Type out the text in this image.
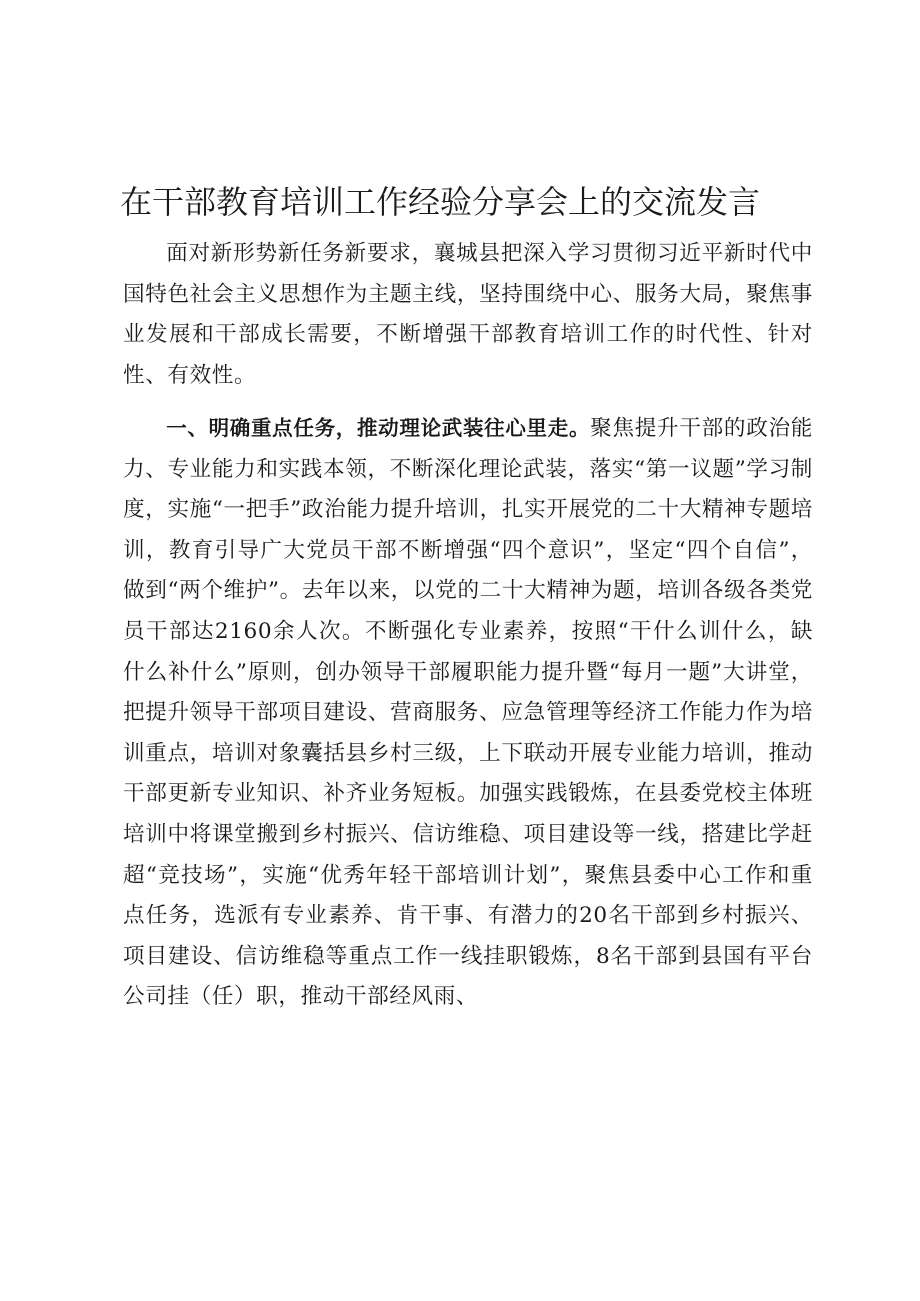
在干部教育培训工作经验分享会上的交流发言

面对新形势新任务新要求，襄城县把深入学习贯彻习近平新时代中国特色社会主义思想作为主题主线，坚持围绕中心、服务大局，聚焦事业发展和干部成长需要，不断增强干部教育培训工作的时代性、针对性、有效性。

一、明确重点任务，推动理论武装往心里走。聚焦提升干部的政治能力、专业能力和实践本领，不断深化理论武装，落实“第一议题”学习制度，实施“一把手”政治能力提升培训，扎实开展党的二十大精神专题培训，教育引导广大党员干部不断增强“四个意识”，坚定“四个自信”，做到“两个维护”。去年以来，以党的二十大精神为题，培训各级各类党员干部达2160余人次。不断强化专业素养，按照“干什么训什么，缺什么补什么”原则，创办领导干部履职能力提升暨“每月一题”大讲堂，把提升领导干部项目建设、营商服务、应急管理等经济工作能力作为培训重点，培训对象囊括县乡村三级，上下联动开展专业能力培训，推动干部更新专业知识、补齐业务短板。加强实践锻炼，在县委党校主体班培训中将课堂搬到乡村振兴、信访维稳、项目建设等一线，搭建比学赶超“竞技场”，实施“优秀年轻干部培训计划”，聚焦县委中心工作和重点任务，选派有专业素养、肯干事、有潜力的20名干部到乡村振兴、项目建设、信访维稳等重点工作一线挂职锻炼，8名干部到县国有平台公司挂（任）职，推动干部经风雨、
